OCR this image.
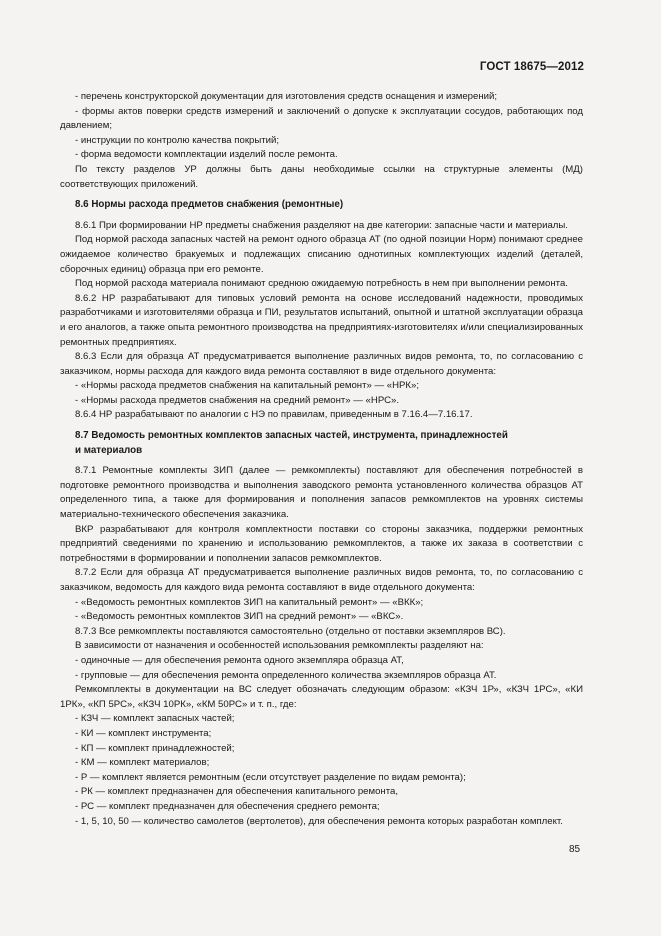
ГОСТ 18675—2012

- перечень конструкторской документации для изготовления средств оснащения и измерений;

- формы актов поверки средств измерений и заключений о допуске к эксплуатации сосудов, работающих под давлением;

- инструкции по контролю качества покрытий;

- форма ведомости комплектации изделий после ремонта.

По тексту разделов УР должны быть даны необходимые ссылки на структурные элементы (МД) соответствующих приложений.

8.6 Нормы расхода предметов снабжения (ремонтные)

8.6.1 При формировании НР предметы снабжения разделяют на две категории: запасные части и материалы.

Под нормой расхода запасных частей на ремонт одного образца АТ (по одной позиции Норм) понимают среднее ожидаемое количество бракуемых и подлежащих списанию однотипных комплектующих изделий (деталей, сборочных единиц) образца при его ремонте.

Под нормой расхода материала понимают среднюю ожидаемую потребность в нем при выполнении ремонта.

8.6.2 НР разрабатывают для типовых условий ремонта на основе исследований надежности, проводимых разработчиками и изготовителями образца и ПИ, результатов испытаний, опытной и штатной эксплуатации образца и его аналогов, а также опыта ремонтного производства на предприятиях-изготовителях и/или специализированных ремонтных предприятиях.

8.6.3 Если для образца АТ предусматривается выполнение различных видов ремонта, то, по согласованию с заказчиком, нормы расхода для каждого вида ремонта составляют в виде отдельного документа:

- «Нормы расхода предметов снабжения на капитальный ремонт» — «НРК»;

- «Нормы расхода предметов снабжения на средний ремонт» — «НРС».

8.6.4 НР разрабатывают по аналогии с НЭ по правилам, приведенным в 7.16.4—7.16.17.

8.7 Ведомость ремонтных комплектов запасных частей, инструмента, принадлежностей
и материалов

8.7.1 Ремонтные комплекты ЗИП (далее — ремкомплекты) поставляют для обеспечения потребностей в подготовке ремонтного производства и выполнения заводского ремонта установленного количества образцов АТ определенного типа, а также для формирования и пополнения запасов ремкомплектов на уровнях системы материально-технического обеспечения заказчика.

ВКР разрабатывают для контроля комплектности поставки со стороны заказчика, поддержки ремонтных предприятий сведениями по хранению и использованию ремкомплектов, а также их заказа в соответствии с потребностями в формировании и пополнении запасов ремкомплектов.

8.7.2 Если для образца АТ предусматривается выполнение различных видов ремонта, то, по согласованию с заказчиком, ведомость для каждого вида ремонта составляют в виде отдельного документа:

- «Ведомость ремонтных комплектов ЗИП на капитальный ремонт» — «ВКК»;

- «Ведомость ремонтных комплектов ЗИП на средний ремонт» — «ВКС».

8.7.3 Все ремкомплекты поставляются самостоятельно (отдельно от поставки экземпляров ВС).

В зависимости от назначения и особенностей использования ремкомплекты разделяют на:

- одиночные — для обеспечения ремонта одного экземпляра образца АТ,

- групповые — для обеспечения ремонта определенного количества экземпляров образца АТ.

Ремкомплекты в документации на ВС следует обозначать следующим образом: «КЗЧ 1Р», «КЗЧ 1РС», «КИ 1РК», «КП 5РС», «КЗЧ 10РК», «КМ 50РС» и т. п., где:

- КЗЧ — комплект запасных частей;

- КИ — комплект инструмента;

- КП — комплект принадлежностей;

- КМ — комплект материалов;

- Р — комплект является ремонтным (если отсутствует разделение по видам ремонта);

- РК — комплект предназначен для обеспечения капитального ремонта,

- РС — комплект предназначен для обеспечения среднего ремонта;

- 1, 5, 10, 50 — количество самолетов (вертолетов), для обеспечения ремонта которых разработан комплект.

85
